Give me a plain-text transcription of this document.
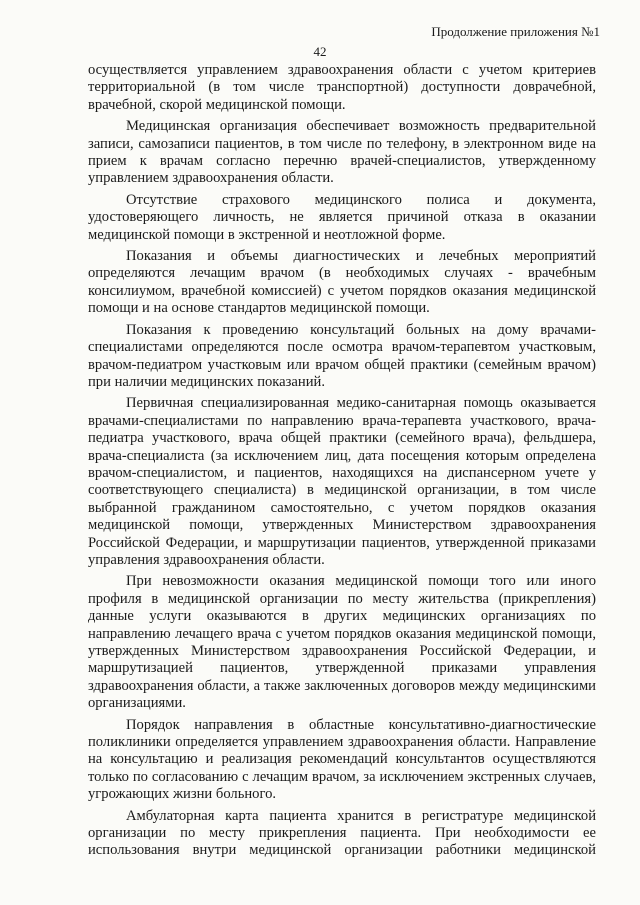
Продолжение приложения №1
42

осуществляется управлением здравоохранения области с учетом критериев территориальной (в том числе транспортной) доступности доврачебной, врачебной, скорой медицинской помощи.

Медицинская организация обеспечивает возможность предварительной записи, самозаписи пациентов, в том числе по телефону, в электронном виде на прием к врачам согласно перечню врачей-специалистов, утвержденному управлением здравоохранения области.

Отсутствие страхового медицинского полиса и документа, удостоверяющего личность, не является причиной отказа в оказании медицинской помощи в экстренной и неотложной форме.

Показания и объемы диагностических и лечебных мероприятий определяются лечащим врачом (в необходимых случаях - врачебным консилиумом, врачебной комиссией) с учетом порядков оказания медицинской помощи и на основе стандартов медицинской помощи.

Показания к проведению консультаций больных на дому врачами-специалистами определяются после осмотра врачом-терапевтом участковым, врачом-педиатром участковым или врачом общей практики (семейным врачом) при наличии медицинских показаний.

Первичная специализированная медико-санитарная помощь оказывается врачами-специалистами по направлению врача-терапевта участкового, врача-педиатра участкового, врача общей практики (семейного врача), фельдшера, врача-специалиста (за исключением лиц, дата посещения которым определена врачом-специалистом, и пациентов, находящихся на диспансерном учете у соответствующего специалиста) в медицинской организации, в том числе выбранной гражданином самостоятельно, с учетом порядков оказания медицинской помощи, утвержденных Министерством здравоохранения Российской Федерации, и маршрутизации пациентов, утвержденной приказами управления здравоохранения области.

При невозможности оказания медицинской помощи того или иного профиля в медицинской организации по месту жительства (прикрепления) данные услуги оказываются в других медицинских организациях по направлению лечащего врача с учетом порядков оказания медицинской помощи, утвержденных Министерством здравоохранения Российской Федерации, и маршрутизацией пациентов, утвержденной приказами управления здравоохранения области, а также заключенных договоров между медицинскими организациями.

Порядок направления в областные консультативно-диагностические поликлиники определяется управлением здравоохранения области. Направление на консультацию и реализация рекомендаций консультантов осуществляются только по согласованию с лечащим врачом, за исключением экстренных случаев, угрожающих жизни больного.

Амбулаторная карта пациента хранится в регистратуре медицинской организации по месту прикрепления пациента. При необходимости ее использования внутри медицинской организации работники медицинской
